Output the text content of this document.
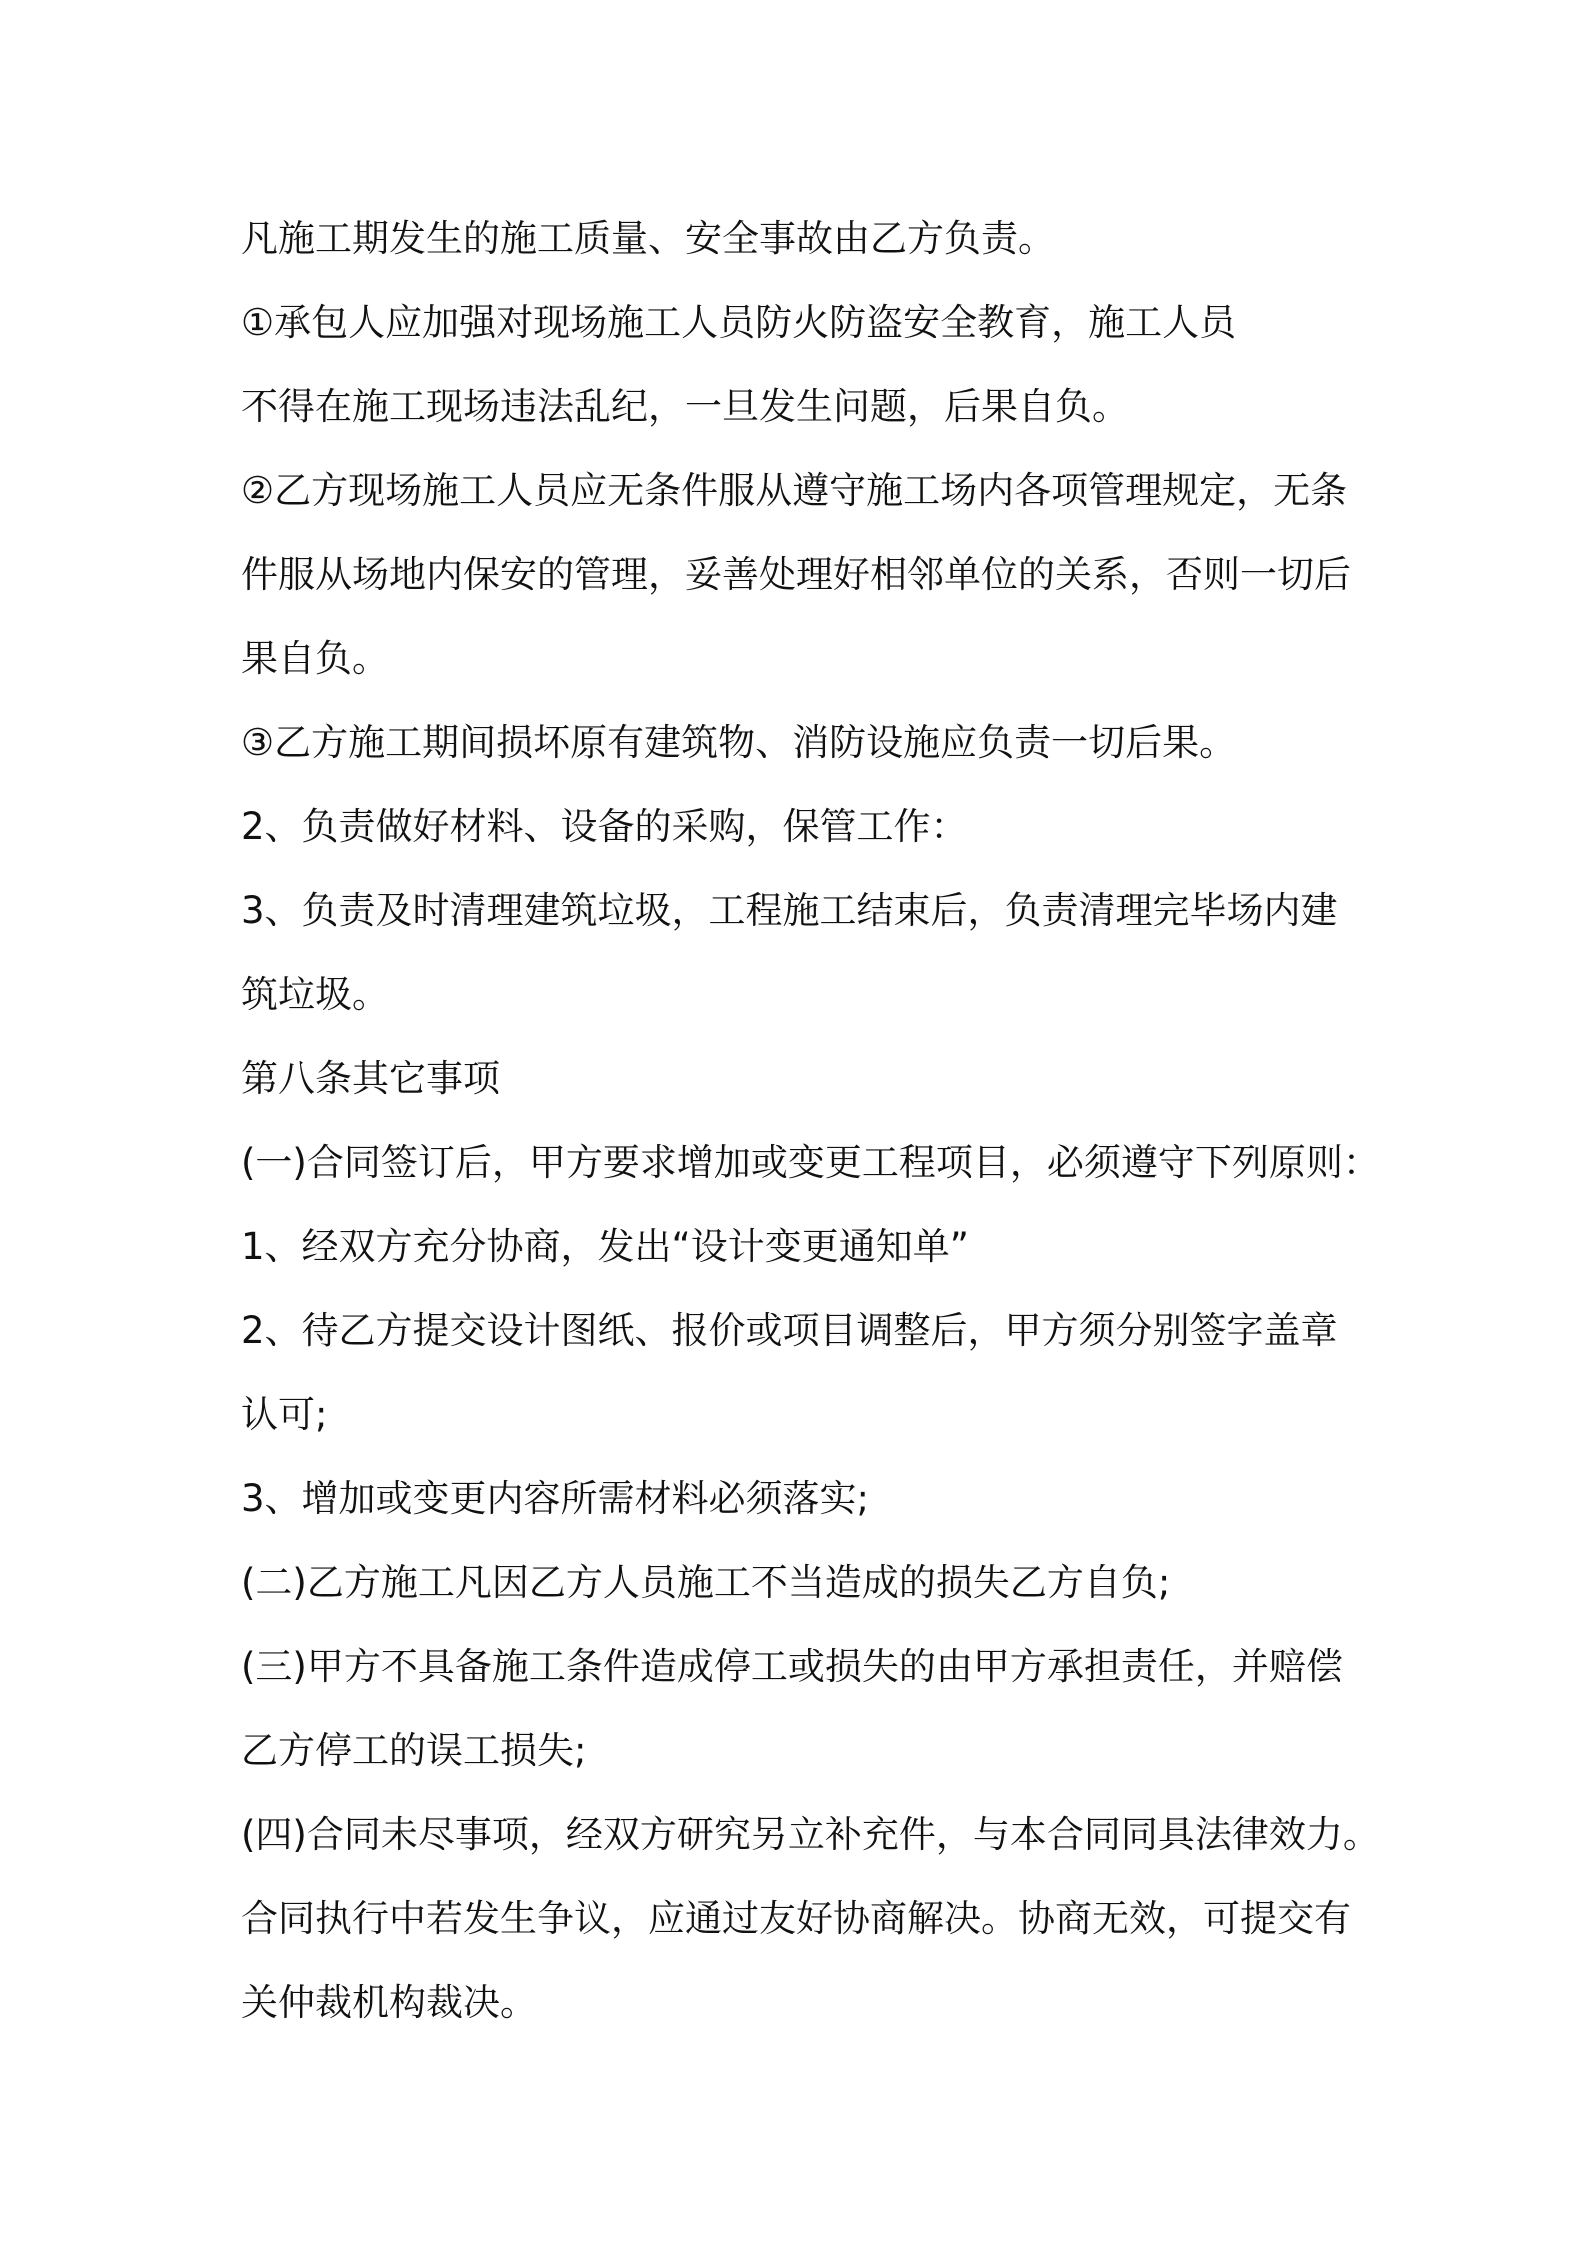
凡施工期发生的施工质量、安全事故由乙方负责。
①承包人应加强对现场施工人员防火防盗安全教育，施工人员
不得在施工现场违法乱纪，一旦发生问题，后果自负。
②乙方现场施工人员应无条件服从遵守施工场内各项管理规定，无条
件服从场地内保安的管理，妥善处理好相邻单位的关系，否则一切后
果自负。
③乙方施工期间损坏原有建筑物、消防设施应负责一切后果。
2、负责做好材料、设备的采购，保管工作：
3、负责及时清理建筑垃圾，工程施工结束后，负责清理完毕场内建
筑垃圾。
第八条其它事项
(一)合同签订后，甲方要求增加或变更工程项目，必须遵守下列原则：
1、经双方充分协商，发出“设计变更通知单”
2、待乙方提交设计图纸、报价或项目调整后，甲方须分别签字盖章
认可;
3、增加或变更内容所需材料必须落实;
(二)乙方施工凡因乙方人员施工不当造成的损失乙方自负;
(三)甲方不具备施工条件造成停工或损失的由甲方承担责任，并赔偿
乙方停工的误工损失;
(四)合同未尽事项，经双方研究另立补充件，与本合同同具法律效力。
合同执行中若发生争议，应通过友好协商解决。协商无效，可提交有
关仲裁机构裁决。
